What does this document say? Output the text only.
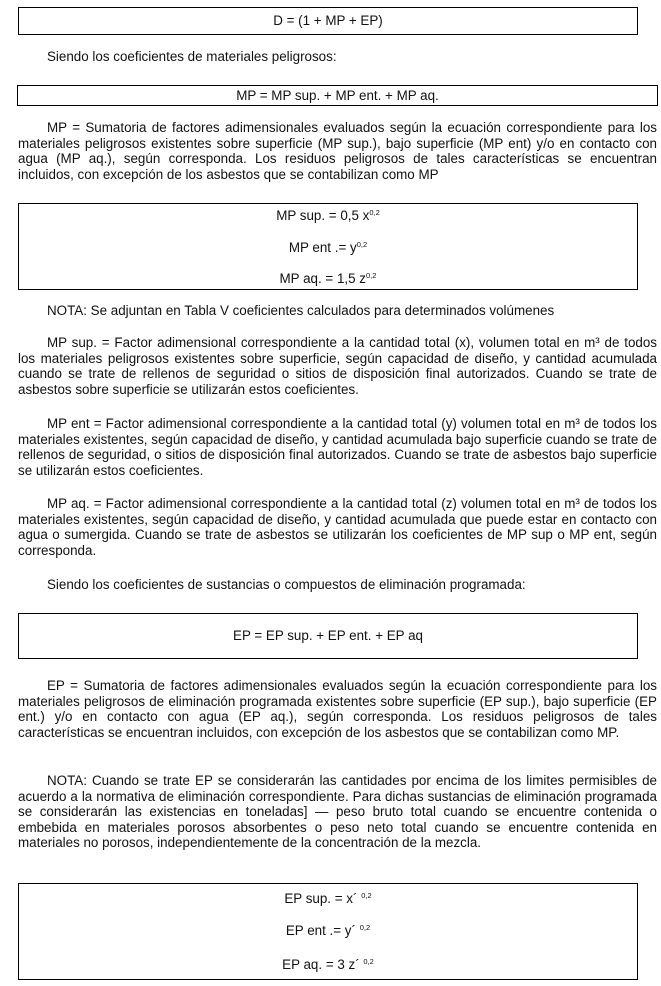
D = (1 + MP + EP)

Siendo los coeficientes de materiales peligrosos:

MP = MP sup. + MP ent. + MP aq.

MP = Sumatoria de factores adimensionales evaluados según la ecuación correspondiente para los materiales peligrosos existentes sobre superficie (MP sup.), bajo superficie (MP ent) y/o en contacto con agua (MP aq.), según corresponda. Los residuos peligrosos de tales características se encuentran incluidos, con excepción de los asbestos que se contabilizan como MP

MP sup. = 0,5 $x^{0,2}$
MP ent .= $y^{0,2}$
MP aq. = 1,5 $z^{0,2}$

NOTA: Se adjuntan en Tabla V coeficientes calculados para determinados volúmenes

MP sup. = Factor adimensional correspondiente a la cantidad total (x), volumen total en m³ de todos los materiales peligrosos existentes sobre superficie, según capacidad de diseño, y cantidad acumulada cuando se trate de rellenos de seguridad o sitios de disposición final autorizados. Cuando se trate de asbestos sobre superficie se utilizarán estos coeficientes.

MP ent = Factor adimensional correspondiente a la cantidad total (y) volumen total en m³ de todos los materiales existentes, según capacidad de diseño, y cantidad acumulada bajo superficie cuando se trate de rellenos de seguridad, o sitios de disposición final autorizados. Cuando se trate de asbestos bajo superficie se utilizarán estos coeficientes.

MP aq. = Factor adimensional correspondiente a la cantidad total (z) volumen total en m³ de todos los materiales existentes, según capacidad de diseño, y cantidad acumulada que puede estar en contacto con agua o sumergida. Cuando se trate de asbestos se utilizarán los coeficientes de MP sup o MP ent, según corresponda.

Siendo los coeficientes de sustancias o compuestos de eliminación programada:

EP = EP sup. + EP ent. + EP aq

EP = Sumatoria de factores adimensionales evaluados según la ecuación correspondiente para los materiales peligrosos de eliminación programada existentes sobre superficie (EP sup.), bajo superficie (EP ent.) y/o en contacto con agua (EP aq.), según corresponda. Los residuos peligrosos de tales características se encuentran incluidos, con excepción de los asbestos que se contabilizan como MP.

NOTA: Cuando se trate EP se considerarán las cantidades por encima de los limites permisibles de acuerdo a la normativa de eliminación correspondiente. Para dichas sustancias de eliminación programada se considerarán las existencias en toneladas] — peso bruto total cuando se encuentre contenida o embebida en materiales porosos absorbentes o peso neto total cuando se encuentre contenida en materiales no porosos, independientemente de la concentración de la mezcla.

EP sup. = x´ $^{0,2}$
EP ent .= y´ $^{0,2}$
EP aq. = 3 z´ $^{0,2}$
